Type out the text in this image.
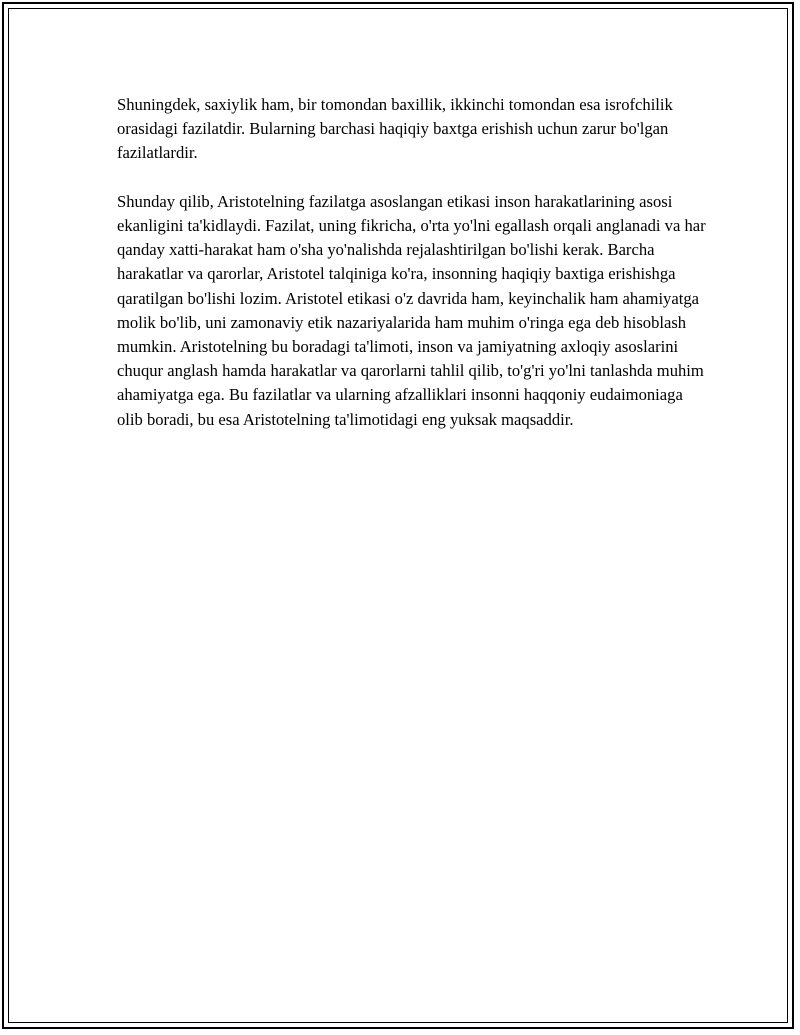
Shuningdek, saxiylik ham, bir tomondan baxillik, ikkinchi tomondan esa isrofchilik orasidagi fazilatdir. Bularning barchasi haqiqiy baxtga erishish uchun zarur bo'lgan fazilatlardir.

Shunday qilib, Aristotelning fazilatga asoslangan etikasi inson harakatlarining asosi ekanligini ta'kidlaydi. Fazilat, uning fikricha, o'rta yo'lni egallash orqali anglanadi va har qanday xatti-harakat ham o'sha yo'nalishda rejalashtirilgan bo'lishi kerak. Barcha harakatlar va qarorlar, Aristotel talqiniga ko'ra, insonning haqiqiy baxtiga erishishga qaratilgan bo'lishi lozim. Aristotel etikasi o'z davrida ham, keyinchalik ham ahamiyatga molik bo'lib, uni zamonaviy etik nazariyalarida ham muhim o'ringa ega deb hisoblash mumkin. Aristotelning bu boradagi ta'limoti, inson va jamiyatning axloqiy asoslarini chuqur anglash hamda harakatlar va qarorlarni tahlil qilib, to'g'ri yo'lni tanlashda muhim ahamiyatga ega. Bu fazilatlar va ularning afzalliklari insonni haqqoniy eudaimoniaga olib boradi, bu esa Aristotelning ta'limotidagi eng yuksak maqsaddir.
